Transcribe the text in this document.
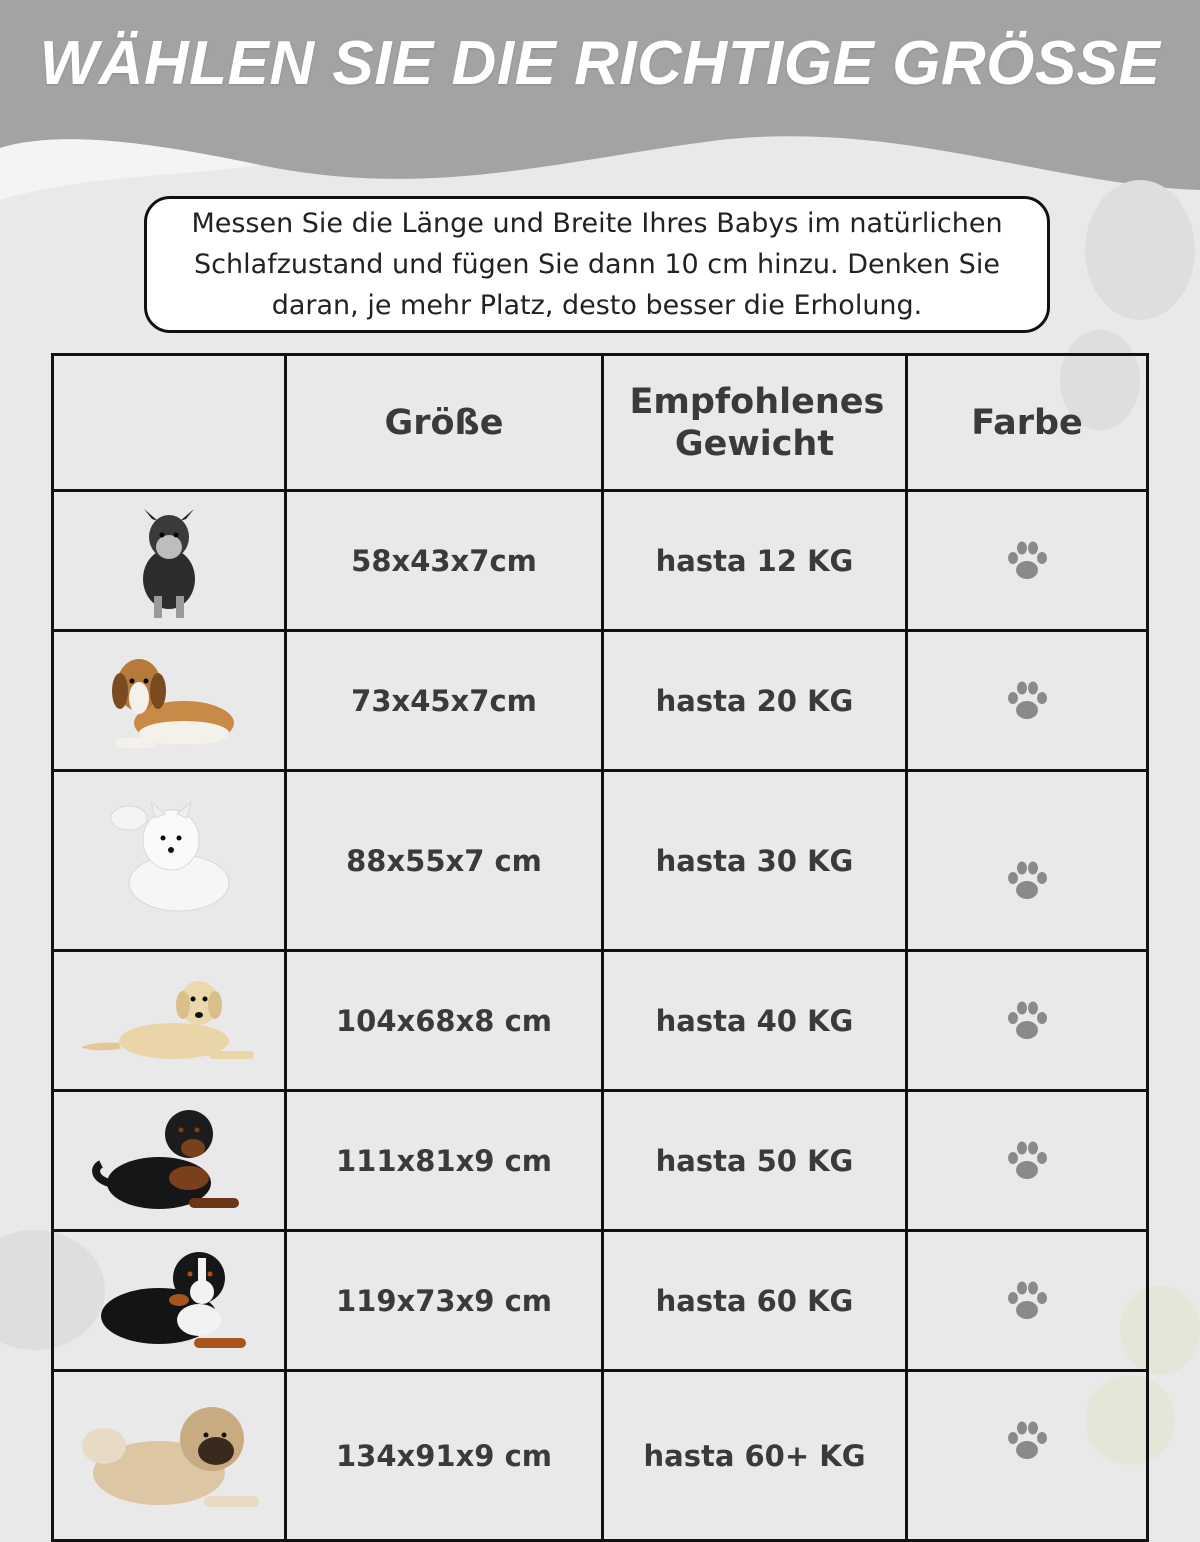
WÄHLEN SIE DIE RICHTIGE GRÖSSE
Messen Sie die Länge und Breite Ihres Babys im natürlichen Schlafzustand und fügen Sie dann 10 cm hinzu. Denken Sie daran, je mehr Platz, desto besser die Erholung.
	Größe	Empfohlenes Gewicht	Farbe

	58x43x7cm	hasta 12 KG	

	73x45x7cm	hasta 20 KG	

	88x55x7 cm	hasta 30 KG	

	104x68x8 cm	hasta 40 KG	

	111x81x9 cm	hasta 50 KG	

	119x73x9 cm	hasta 60 KG	

	134x91x9 cm	hasta 60+ KG	
